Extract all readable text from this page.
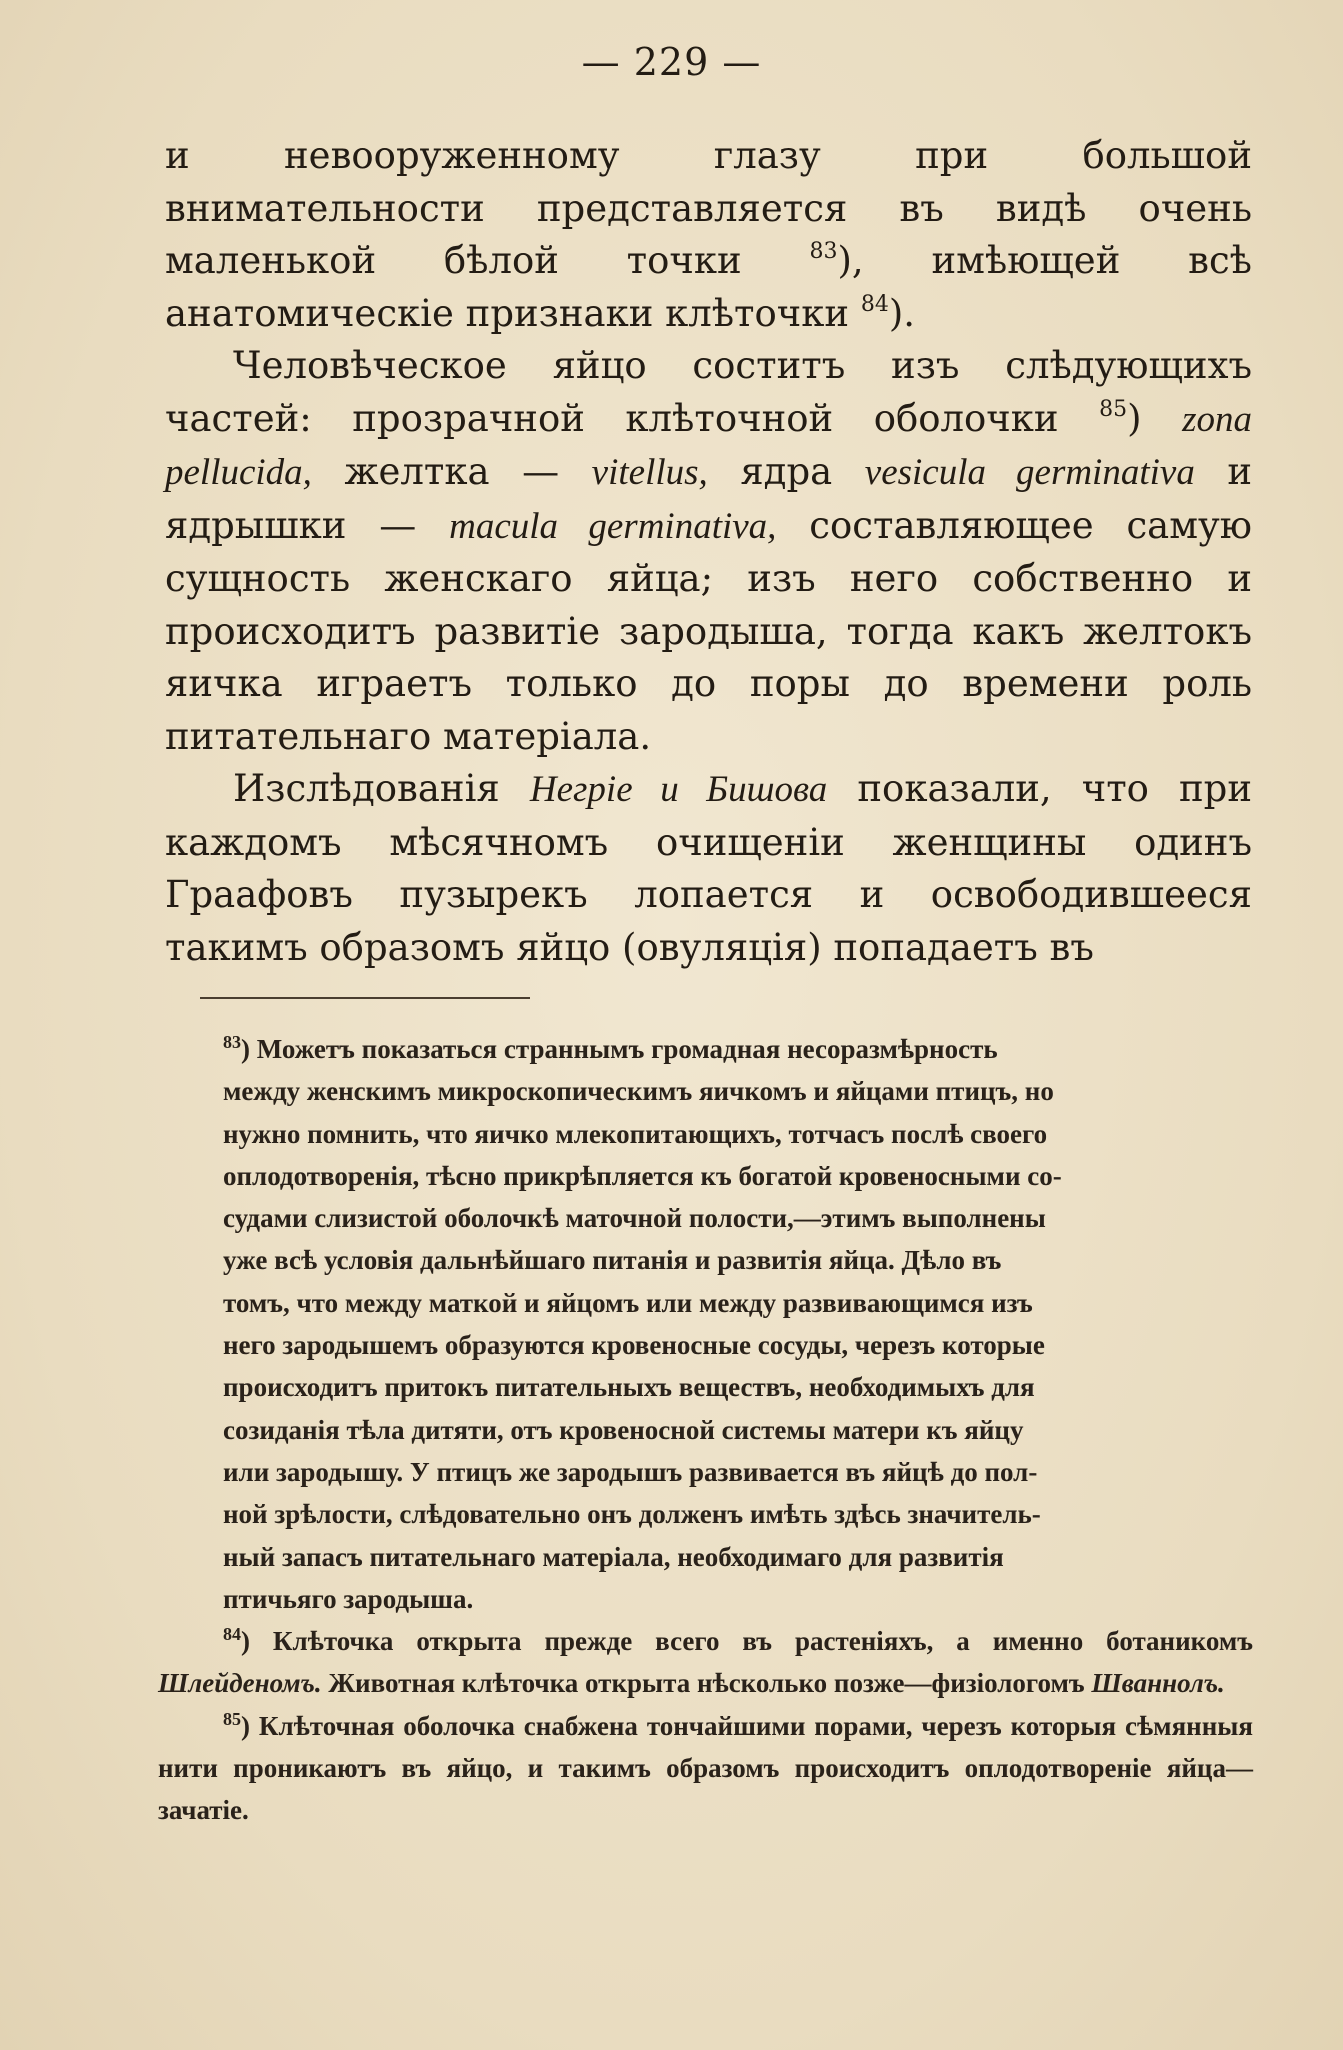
— 229 —

и невооруженному глазу при большой внимательности представляется въ видѣ очень маленькой бѣлой точки	$^{83}$), имѣющей всѣ анатомическіе признаки клѣточки $^{84}$).

Человѣческое яйцо соститъ изъ слѣдующихъ частей: прозрачной клѣточной оболочки $^{85}$) zona pellucida, желтка — vitellus, ядра vesicula germinativa и ядрышки — macula germinativa, составляющее самую сущность женскаго яйца; изъ него собственно и происходитъ развитіе зародыша, тогда какъ желтокъ яичка играетъ только до поры до времени роль питательнаго матеріала.

Изслѣдованія Негріе и Бишова показали, что при каждомъ мѣсячномъ очищеніи женщины одинъ Граафовъ пузырекъ лопается и освободившееся такимъ образомъ яйцо (овуляція) попадаетъ въ

$^{83}$) Можетъ показаться страннымъ громадная несоразмѣрность
между женскимъ микроскопическимъ яичкомъ и яйцами птицъ, но
нужно помнить, что яичко млекопитающихъ, тотчасъ послѣ своего
оплодотворенія, тѣсно прикрѣпляется къ богатой кровеносными со-
судами слизистой оболочкѣ маточной полости,—этимъ выполнены
уже всѣ условія дальнѣйшаго питанія и развитія яйца. Дѣло въ
томъ, что между маткой и яйцомъ или между развивающимся изъ
него зародышемъ образуются кровеносные сосуды, черезъ которые
происходитъ притокъ питательныхъ веществъ, необходимыхъ для
созиданія тѣла дитяти, отъ кровеносной системы матери къ яйцу
или зародышу. У птицъ же зародышъ развивается въ яйцѣ до пол-
ной зрѣлости, слѣдовательно онъ долженъ имѣть здѣсь значитель-
ный запасъ питательнаго матеріала, необходимаго для развитія
птичьяго зародыша.

$^{84}$) Клѣточка открыта прежде всего въ растеніяхъ, а именно ботаникомъ Шлейденомъ. Животная клѣточка открыта нѣсколько позже—физіологомъ Шваннолъ.

$^{85}$) Клѣточная оболочка снабжена тончайшими порами, черезъ которыя сѣмянныя нити проникаютъ въ яйцо, и такимъ образомъ происходитъ оплодотвореніе яйца—зачатіе.
